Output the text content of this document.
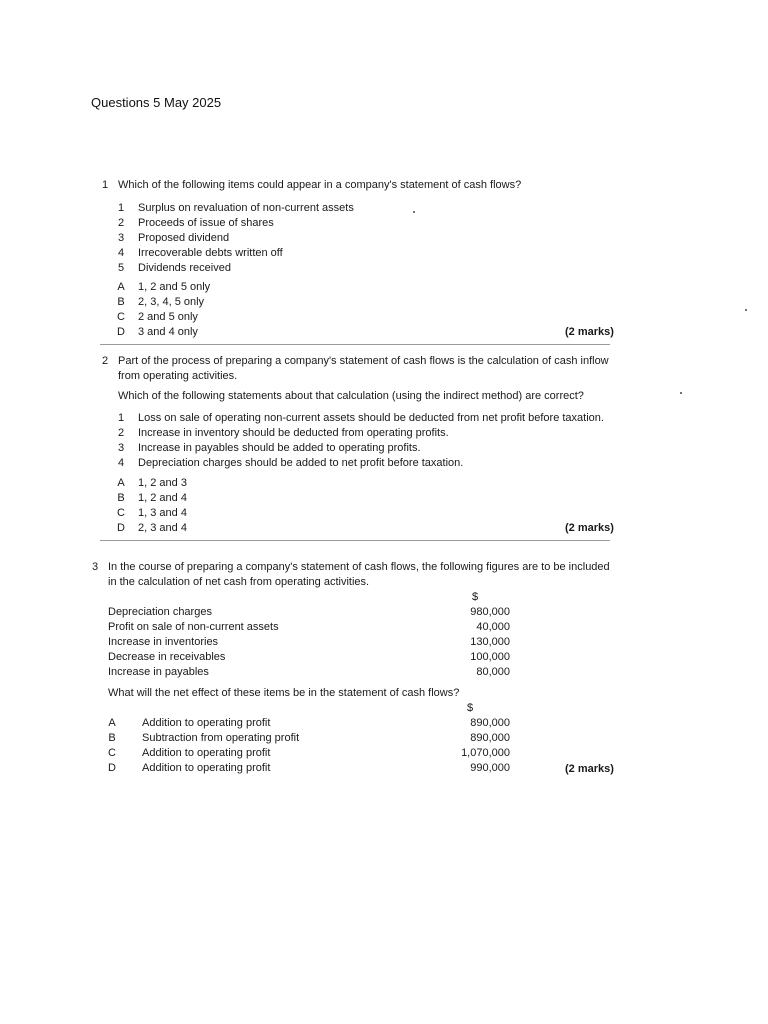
Questions 5 May 2025
1 Which of the following items could appear in a company's statement of cash flows?
1	Surplus on revaluation of non-current assets
2	Proceeds of issue of shares
3	Proposed dividend
4	Irrecoverable debts written off
5	Dividends received
A	1, 2 and 5 only
B	2, 3, 4, 5 only
C	2 and 5 only
D	3 and 4 only	(2 marks)
2 Part of the process of preparing a company's statement of cash flows is the calculation of cash inflow from operating activities.
Which of the following statements about that calculation (using the indirect method) are correct?
1	Loss on sale of operating non-current assets should be deducted from net profit before taxation.
2	Increase in inventory should be deducted from operating profits.
3	Increase in payables should be added to operating profits.
4	Depreciation charges should be added to net profit before taxation.
A	1, 2 and 3
B	1, 2 and 4
C	1, 3 and 4
D	2, 3 and 4	(2 marks)
3 In the course of preparing a company's statement of cash flows, the following figures are to be included in the calculation of net cash from operating activities.
$
Depreciation charges	980,000
Profit on sale of non-current assets	40,000
Increase in inventories	130,000
Decrease in receivables	100,000
Increase in payables	80,000
What will the net effect of these items be in the statement of cash flows?
$
A	Addition to operating profit	890,000
B	Subtraction from operating profit	890,000
C	Addition to operating profit	1,070,000
D	Addition to operating profit	990,000	(2 marks)
